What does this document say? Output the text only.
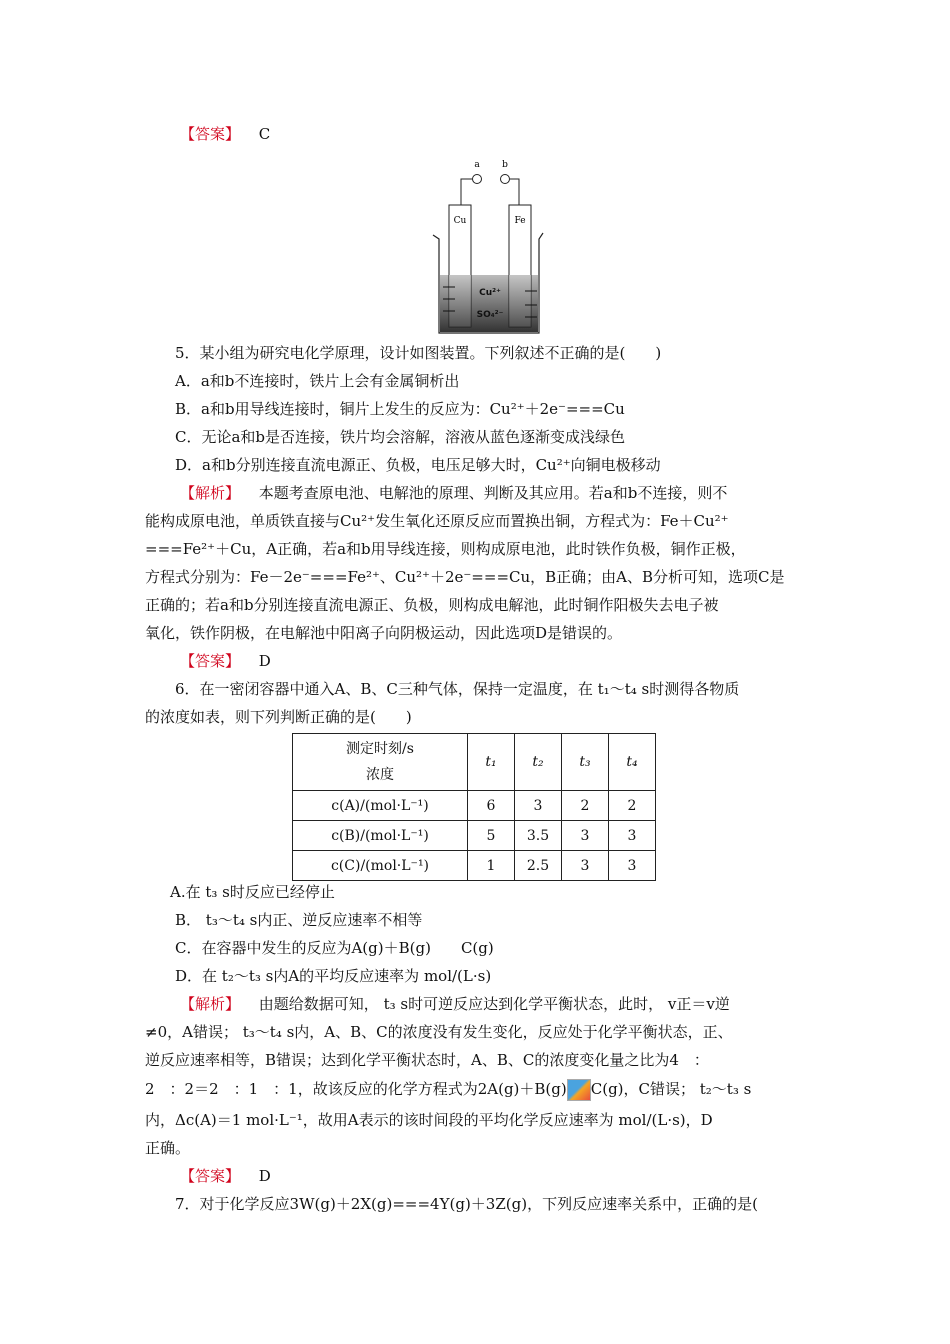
【答案】 C
a b
Cu	Fe
Cu²⁺
SO₄²⁻
5．某小组为研究电化学原理，设计如图装置。下列叙述不正确的是(　　)
A．a和b不连接时，铁片上会有金属铜析出
B．a和b用导线连接时，铜片上发生的反应为：Cu²⁺＋2e⁻===Cu
C．无论a和b是否连接，铁片均会溶解，溶液从蓝色逐渐变成浅绿色
D．a和b分别连接直流电源正、负极，电压足够大时，Cu²⁺向铜电极移动
【解析】 本题考查原电池、电解池的原理、判断及其应用。若a和b不连接，则不
能构成原电池，单质铁直接与Cu²⁺发生氧化还原反应而置换出铜，方程式为：Fe＋Cu²⁺
===Fe²⁺＋Cu，A正确，若a和b用导线连接，则构成原电池，此时铁作负极，铜作正极，
方程式分别为：Fe－2e⁻===Fe²⁺、Cu²⁺＋2e⁻===Cu，B正确；由A、B分析可知，选项C是
正确的；若a和b分别连接直流电源正、负极，则构成电解池，此时铜作阳极失去电子被
氧化，铁作阴极，在电解池中阳离子向阴极运动，因此选项D是错误的。
【答案】 D
6．在一密闭容器中通入A、B、C三种气体，保持一定温度，在 t₁～t₄ s时测得各物质
的浓度如表，则下列判断正确的是(　　)
测定时刻/s
浓度	t₁	t₂	t₃	t₄
c(A)/(mol·L⁻¹)	6	3	2	2
c(B)/(mol·L⁻¹)	5	3.5	3	3
c(C)/(mol·L⁻¹)	1	2.5	3	3
A.在 t₃ s时反应已经停止
B． t₃～t₄ s内正、逆反应速率不相等
C．在容器中发生的反应为A(g)＋B(g)　　C(g)
D．在 t₂～t₃ s内A的平均反应速率为 mol/(L·s)
【解析】 由题给数据可知， t₃ s时可逆反应达到化学平衡状态，此时， v正＝v逆
≠0，A错误； t₃～t₄ s内，A、B、C的浓度没有发生变化，反应处于化学平衡状态，正、
逆反应速率相等，B错误；达到化学平衡状态时，A、B、C的浓度变化量之比为4　：
2　：2＝2　：1　：1，故该反应的化学方程式为2A(g)＋B(g) C(g)，C错误； t₂～t₃ s
内，Δc(A)＝1 mol·L⁻¹，故用A表示的该时间段的平均化学反应速率为 mol/(L·s)，D
正确。
【答案】 D
7．对于化学反应3W(g)＋2X(g)===4Y(g)＋3Z(g)，下列反应速率关系中，正确的是(
